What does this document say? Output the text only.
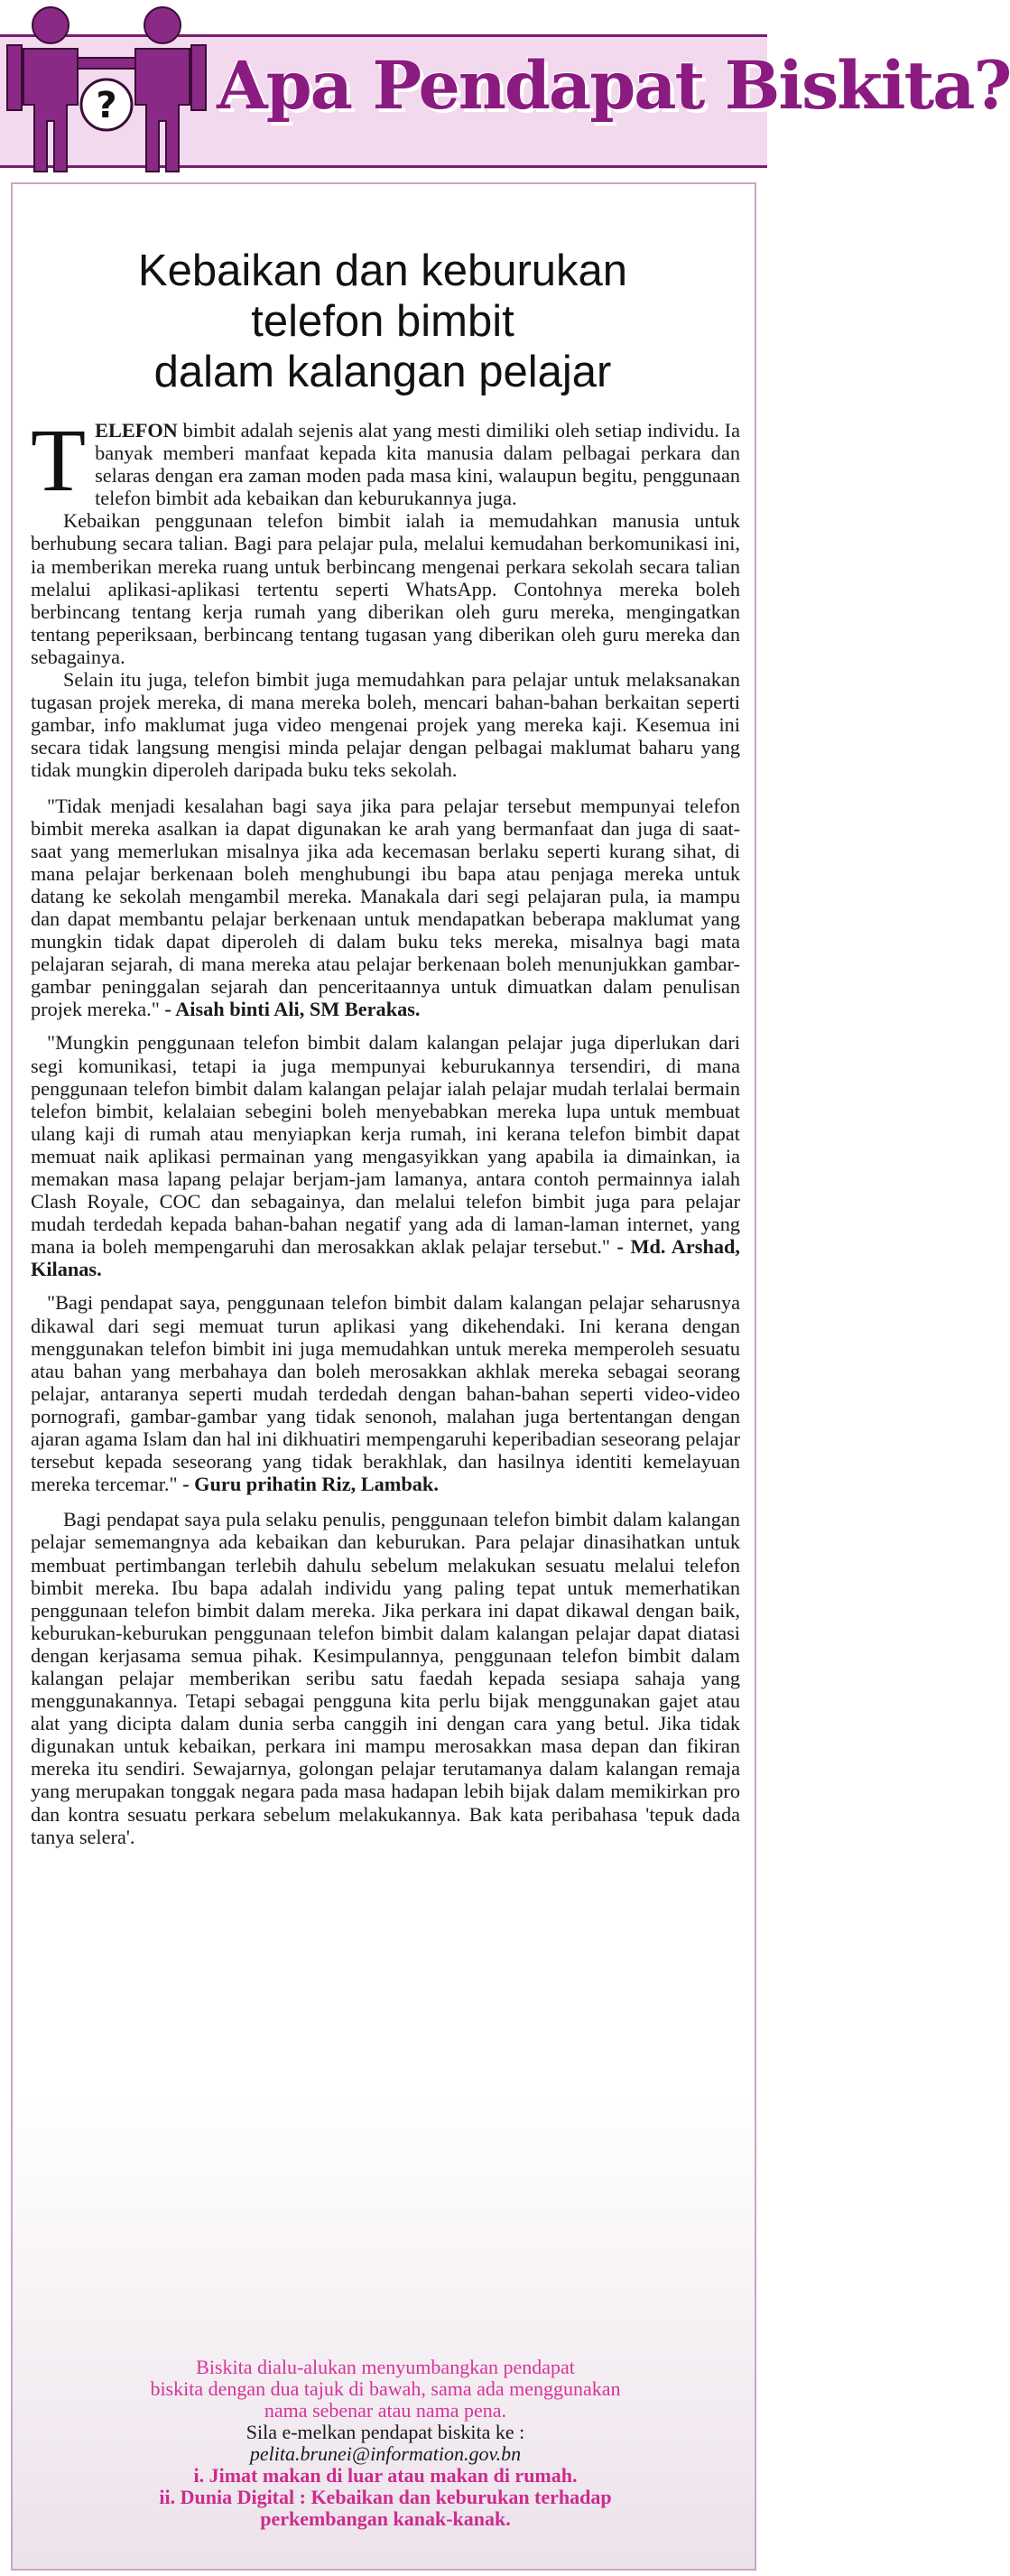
? Apa Pendapat Biskita?
Kebaikan dan keburukan
telefon bimbit
dalam kalangan pelajar

TELEFON bimbit adalah sejenis alat yang mesti dimiliki oleh setiap individu. Ia banyak memberi manfaat kepada kita manusia dalam pelbagai perkara dan selaras dengan era zaman moden pada masa kini, walaupun begitu, penggunaan telefon bimbit ada kebaikan dan keburukannya juga.

Kebaikan penggunaan telefon bimbit ialah ia memudahkan manusia untuk berhubung secara talian. Bagi para pelajar pula, melalui kemudahan berkomunikasi ini, ia memberikan mereka ruang untuk berbincang mengenai perkara sekolah secara talian melalui aplikasi-aplikasi tertentu seperti WhatsApp. Contohnya mereka boleh berbincang tentang kerja rumah yang diberikan oleh guru mereka, mengingatkan tentang peperiksaan, berbincang tentang tugasan yang diberikan oleh guru mereka dan sebagainya.

Selain itu juga, telefon bimbit juga memudahkan para pelajar untuk melaksanakan tugasan projek mereka, di mana mereka boleh, mencari bahan-bahan berkaitan seperti gambar, info maklumat juga video mengenai projek yang mereka kaji. Kesemua ini secara tidak langsung mengisi minda pelajar dengan pelbagai maklumat baharu yang tidak mungkin diperoleh daripada buku teks sekolah.

"Tidak menjadi kesalahan bagi saya jika para pelajar tersebut mempunyai telefon bimbit mereka asalkan ia dapat digunakan ke arah yang bermanfaat dan juga di saat-saat yang memerlukan misalnya jika ada kecemasan berlaku seperti kurang sihat, di mana pelajar berkenaan boleh menghubungi ibu bapa atau penjaga mereka untuk datang ke sekolah mengambil mereka. Manakala dari segi pelajaran pula, ia mampu dan dapat membantu pelajar berkenaan untuk mendapatkan beberapa maklumat yang mungkin tidak dapat diperoleh di dalam buku teks mereka, misalnya bagi mata pelajaran sejarah, di mana mereka atau pelajar berkenaan boleh menunjukkan gambar-gambar peninggalan sejarah dan penceritaannya untuk dimuatkan dalam penulisan projek mereka." - Aisah binti Ali, SM Berakas.

"Mungkin penggunaan telefon bimbit dalam kalangan pelajar juga diperlukan dari segi komunikasi, tetapi ia juga mempunyai keburukannya tersendiri, di mana penggunaan telefon bimbit dalam kalangan pelajar ialah pelajar mudah terlalai bermain telefon bimbit, kelalaian sebegini boleh menyebabkan mereka lupa untuk membuat ulang kaji di rumah atau menyiapkan kerja rumah, ini kerana telefon bimbit dapat memuat naik aplikasi permainan yang mengasyikkan yang apabila ia dimainkan, ia memakan masa lapang pelajar berjam-jam lamanya, antara contoh permainnya ialah Clash Royale, COC dan sebagainya, dan melalui telefon bimbit juga para pelajar mudah terdedah kepada bahan-bahan negatif yang ada di laman-laman internet, yang mana ia boleh mempengaruhi dan merosakkan aklak pelajar tersebut." - Md. Arshad, Kilanas.

"Bagi pendapat saya, penggunaan telefon bimbit dalam kalangan pelajar seharusnya dikawal dari segi memuat turun aplikasi yang dikehendaki. Ini kerana dengan menggunakan telefon bimbit ini juga memudahkan untuk mereka memperoleh sesuatu atau bahan yang merbahaya dan boleh merosakkan akhlak mereka sebagai seorang pelajar, antaranya seperti mudah terdedah dengan bahan-bahan seperti video-video pornografi, gambar-gambar yang tidak senonoh, malahan juga bertentangan dengan ajaran agama Islam dan hal ini dikhuatiri mempengaruhi keperibadian seseorang pelajar tersebut kepada seseorang yang tidak berakhlak, dan hasilnya identiti kemelayuan mereka tercemar." - Guru prihatin Riz, Lambak.

Bagi pendapat saya pula selaku penulis, penggunaan telefon bimbit dalam kalangan pelajar sememangnya ada kebaikan dan keburukan. Para pelajar dinasihatkan untuk membuat pertimbangan terlebih dahulu sebelum melakukan sesuatu melalui telefon bimbit mereka. Ibu bapa adalah individu yang paling tepat untuk memerhatikan penggunaan telefon bimbit dalam mereka. Jika perkara ini dapat dikawal dengan baik, keburukan-keburukan penggunaan telefon bimbit dalam kalangan pelajar dapat diatasi dengan kerjasama semua pihak. Kesimpulannya, penggunaan telefon bimbit dalam kalangan pelajar memberikan seribu satu faedah kepada sesiapa sahaja yang menggunakannya. Tetapi sebagai pengguna kita perlu bijak menggunakan gajet atau alat yang dicipta dalam dunia serba canggih ini dengan cara yang betul. Jika tidak digunakan untuk kebaikan, perkara ini mampu merosakkan masa depan dan fikiran mereka itu sendiri. Sewajarnya, golongan pelajar terutamanya dalam kalangan remaja yang merupakan tonggak negara pada masa hadapan lebih bijak dalam memikirkan pro dan kontra sesuatu perkara sebelum melakukannya. Bak kata peribahasa 'tepuk dada tanya selera'.

Biskita dialu-alukan menyumbangkan pendapat
biskita dengan dua tajuk di bawah, sama ada menggunakan
nama sebenar atau nama pena.
Sila e-melkan pendapat biskita ke :
pelita.brunei@information.gov.bn
i. Jimat makan di luar atau makan di rumah.
ii. Dunia Digital : Kebaikan dan keburukan terhadap
perkembangan kanak-kanak.
